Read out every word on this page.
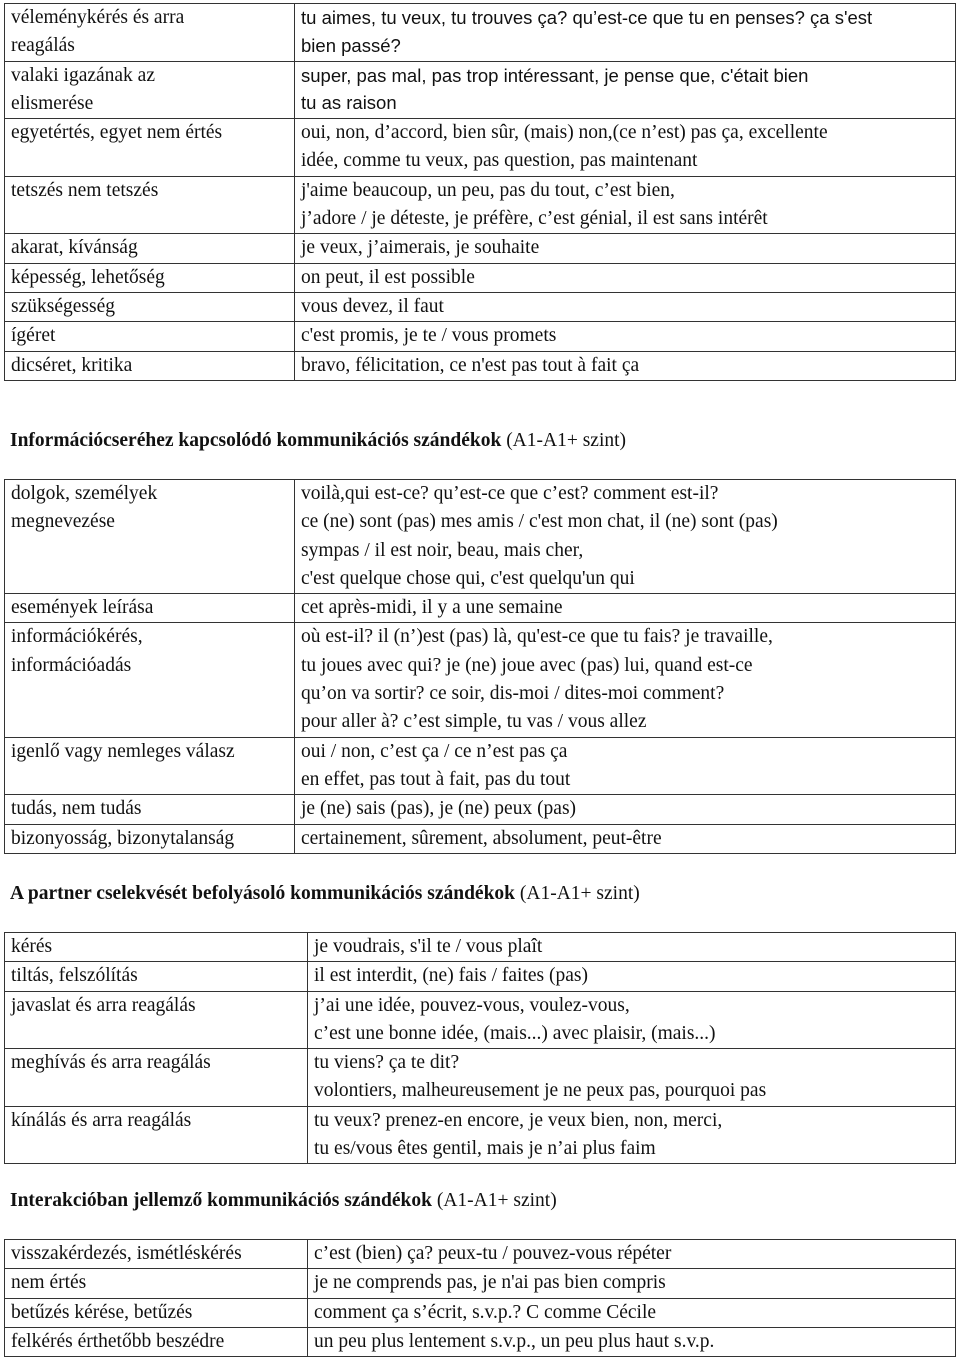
véleménykérés és arra
reagálás	tu aimes, tu veux, tu trouves ça? qu’est-ce que tu en penses? ça s'est
bien passé?

valaki igazának az
elismerése	super, pas mal, pas trop intéressant, je pense que, c'était bien
tu as raison

egyetértés, egyet nem értés	oui, non, d’accord, bien sûr, (mais) non,(ce n’est) pas ça, excellente
idée, comme tu veux, pas question, pas maintenant

tetszés nem tetszés	j'aime beaucoup, un peu, pas du tout, c’est bien,
j’adore / je déteste, je préfère, c’est génial, il est sans intérêt

akarat, kívánság	je veux, j’aimerais, je souhaite

képesség, lehetőség	on peut, il est possible

szükségesség	vous devez, il faut

ígéret	c'est promis, je te / vous promets

dicséret, kritika	bravo, félicitation, ce n'est pas tout à fait ça
Információcseréhez kapcsolódó kommunikációs szándékok (A1-A1+ szint)
dolgok, személyek
megnevezése	voilà,qui est-ce? qu’est-ce que c’est? comment est-il?
ce (ne) sont (pas) mes amis / c'est mon chat, il (ne) sont (pas)
sympas / il est noir, beau, mais cher,
c'est quelque chose qui, c'est quelqu'un qui

események leírása	cet après-midi, il y a une semaine

információkérés,
információadás	où est-il? il (n’)est (pas) là, qu'est-ce que tu fais? je travaille,
tu joues avec qui? je (ne) joue avec (pas) lui, quand est-ce
qu’on va sortir? ce soir, dis-moi / dites-moi comment?
pour aller à? c’est simple, tu vas / vous allez

igenlő vagy nemleges válasz	oui / non, c’est ça / ce n’est pas ça
en effet, pas tout à fait, pas du tout

tudás, nem tudás	je (ne) sais (pas), je (ne) peux (pas)

bizonyosság, bizonytalanság	certainement, sûrement, absolument, peut-être
A partner cselekvését befolyásoló kommunikációs szándékok (A1-A1+ szint)
kérés	je voudrais, s'il te / vous plaît

tiltás, felszólítás	il est interdit, (ne) fais / faites (pas)

javaslat és arra reagálás	j’ai une idée, pouvez-vous, voulez-vous,
c’est une bonne idée, (mais...) avec plaisir, (mais...)

meghívás és arra reagálás	tu viens? ça te dit?
volontiers, malheureusement je ne peux pas, pourquoi pas

kínálás és arra reagálás	tu veux? prenez-en encore, je veux bien, non, merci,
tu es/vous êtes gentil, mais je n’ai plus faim
Interakcióban jellemző kommunikációs szándékok (A1-A1+ szint)
visszakérdezés, ismétléskérés	c’est (bien) ça? peux-tu / pouvez-vous répéter

nem értés	je ne comprends pas, je n'ai pas bien compris

betűzés kérése, betűzés	comment ça s’écrit, s.v.p.? C comme Cécile

felkérés érthetőbb beszédre	un peu plus lentement s.v.p., un peu plus haut s.v.p.
